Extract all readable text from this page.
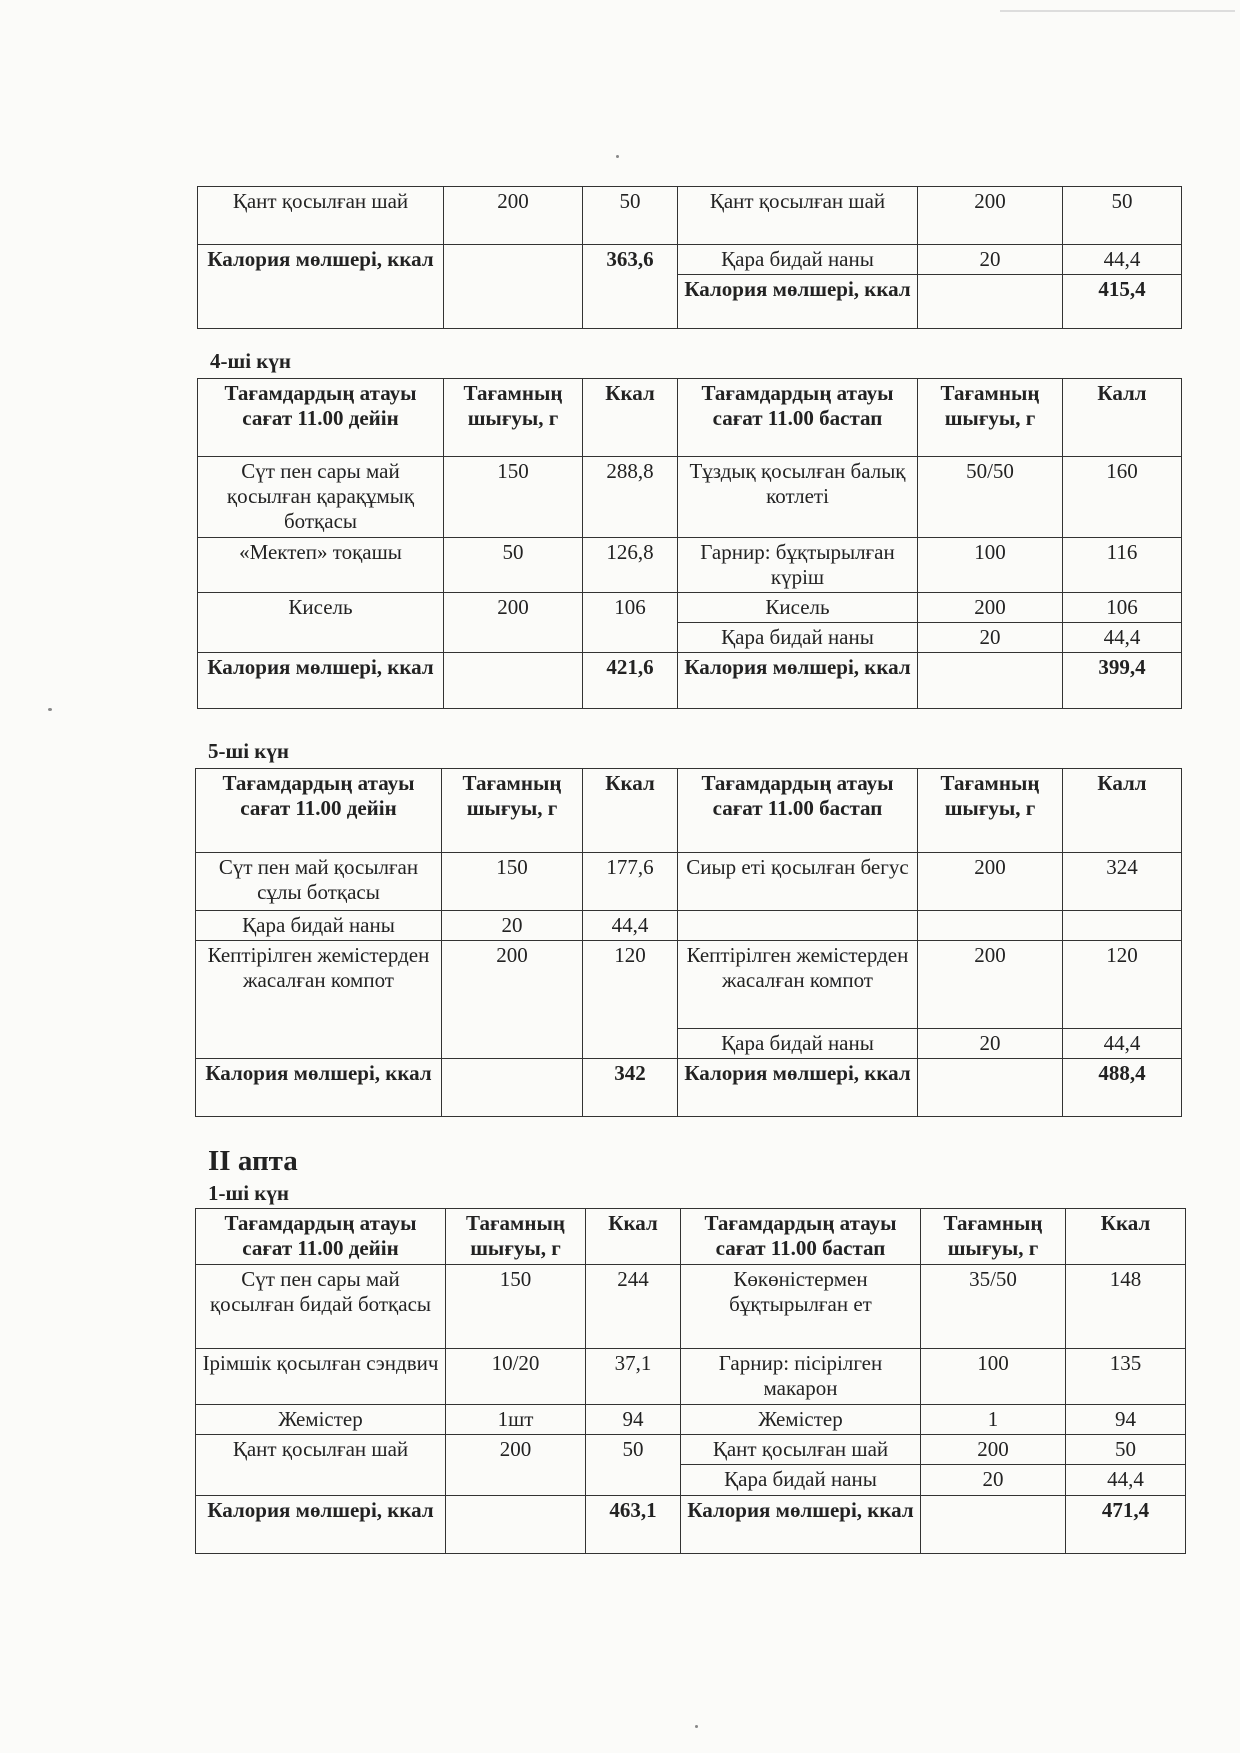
Қант қосылған шай	200	50	Қант қосылған шай	200	50
Калория мөлшері, ккал		363,6	Қара бидай наны	20	44,4
			Калория мөлшері, ккал		415,4
4-ші күн
Тағамдардың атауы сағат 11.00 дейін	Тағамның шығуы, г	Ккал	Тағамдардың атауы сағат 11.00 бастап	Тағамның шығуы, г	Калл
Сүт пен сары май қосылған қарақұмық ботқасы	150	288,8	Тұздық қосылған балық котлеті	50/50	160
«Мектеп» тоқашы	50	126,8	Гарнир: бұқтырылған күріш	100	116
Кисель	200	106	Кисель	200	106
			Қара бидай наны	20	44,4
Калория мөлшері, ккал		421,6	Калория мөлшері, ккал		399,4
5-ші күн
Тағамдардың атауы сағат 11.00 дейін	Тағамның шығуы, г	Ккал	Тағамдардың атауы сағат 11.00 бастап	Тағамның шығуы, г	Калл
Сүт пен май қосылған сұлы ботқасы	150	177,6	Сиыр еті қосылған бегус	200	324
Қара бидай наны	20	44,4			
Кептірілген жемістерден жасалған компот	200	120	Кептірілген жемістерден жасалған компот	200	120
			Қара бидай наны	20	44,4
Калория мөлшері, ккал		342	Калория мөлшері, ккал		488,4
ІІ апта
1-ші күн
Тағамдардың атауы сағат 11.00 дейін	Тағамның шығуы, г	Ккал	Тағамдардың атауы сағат 11.00 бастап	Тағамның шығуы, г	Ккал
Сүт пен сары май қосылған бидай ботқасы	150	244	Көкөністермен бұқтырылған ет	35/50	148
Ірімшік қосылған сэндвич	10/20	37,1	Гарнир: пісірілген макарон	100	135
Жемістер	1шт	94	Жемістер	1	94
Қант қосылған шай	200	50	Қант қосылған шай	200	50
			Қара бидай наны	20	44,4
Калория мөлшері, ккал		463,1	Калория мөлшері, ккал		471,4
